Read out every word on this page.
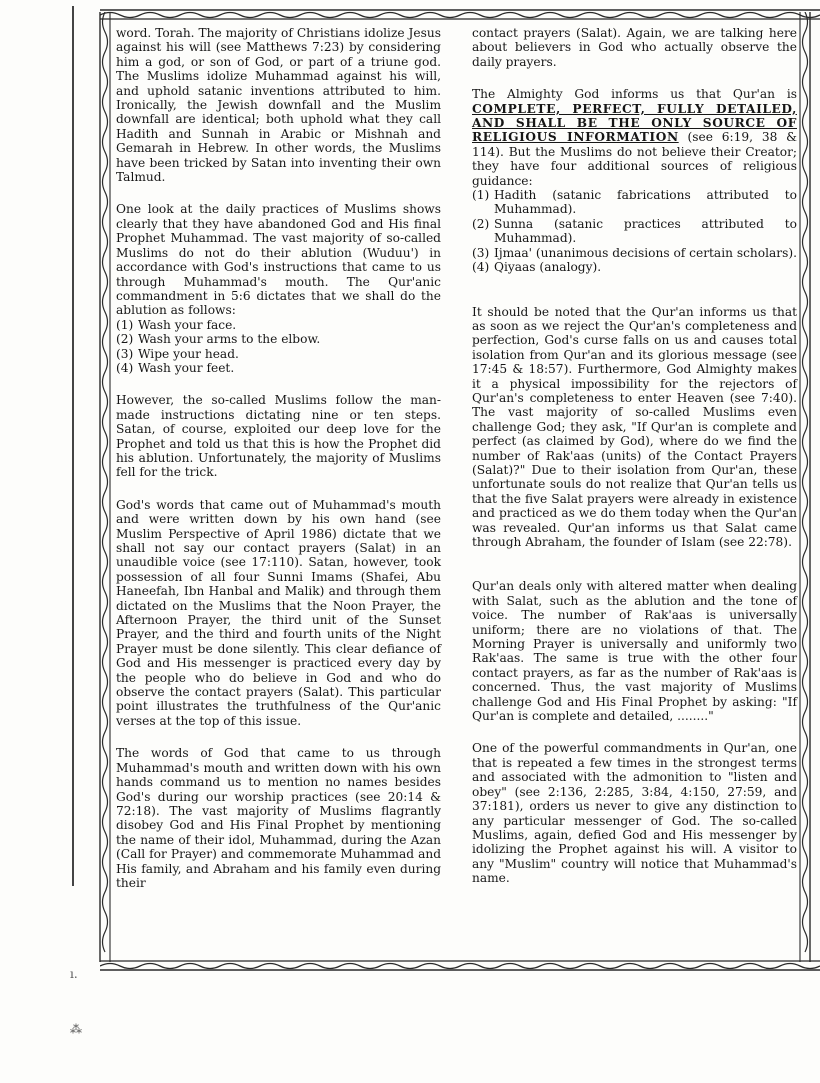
word. Torah. The majority of Christians idolize Jesus against his will (see Matthews 7:23) by considering him a god, or son of God, or part of a triune god. The Muslims idolize Muhammad against his will, and uphold satanic inventions attributed to him. Ironically, the Jewish downfall and the Muslim downfall are identical; both uphold what they call Hadith and Sunnah in Arabic or Mishnah and Gemarah in Hebrew. In other words, the Muslims have been tricked by Satan into inventing their own Talmud.

One look at the daily practices of Muslims shows clearly that they have abandoned God and His final Prophet Muhammad. The vast majority of so-called Muslims do not do their ablution (Wuduu') in accordance with God's instructions that came to us through Muhammad's mouth. The Qur'anic commandment in 5:6 dictates that we shall do the ablution as follows:

(1) Wash your face.
(2) Wash your arms to the elbow.
(3) Wipe your head.
(4) Wash your feet.

However, the so-called Muslims follow the man-made instructions dictating nine or ten steps. Satan, of course, exploited our deep love for the Prophet and told us that this is how the Prophet did his ablution. Unfortunately, the majority of Muslims fell for the trick.

God's words that came out of Muhammad's mouth and were written down by his own hand (see Muslim Perspective of April 1986) dictate that we shall not say our contact prayers (Salat) in an unaudible voice (see 17:110). Satan, however, took possession of all four Sunni Imams (Shafei, Abu Haneefah, Ibn Hanbal and Malik) and through them dictated on the Muslims that the Noon Prayer, the Afternoon Prayer, the third unit of the Sunset Prayer, and the third and fourth units of the Night Prayer must be done silently. This clear defiance of God and His messenger is practiced every day by the people who do believe in God and who do observe the contact prayers (Salat). This particular point illustrates the truthfulness of the Qur'anic verses at the top of this issue.

The words of God that came to us through Muhammad's mouth and written down with his own hands command us to mention no names besides God's during our worship practices (see 20:14 & 72:18). The vast majority of Muslims flagrantly disobey God and His Final Prophet by mentioning the name of their idol, Muhammad, during the Azan (Call for Prayer) and commemorate Muhammad and His family, and Abraham and his family even during their

contact prayers (Salat). Again, we are talking here about believers in God who actually observe the daily prayers.

The Almighty God informs us that Qur'an is COMPLETE, PERFECT, FULLY DETAILED, AND SHALL BE THE ONLY SOURCE OF RELIGIOUS INFORMATION (see 6:19, 38 & 114). But the Muslims do not believe their Creator; they have four additional sources of religious guidance:

(1) Hadith (satanic fabrications attributed to Muhammad).
(2) Sunna (satanic practices attributed to Muhammad).
(3) Ijmaa' (unanimous decisions of certain scholars).
(4) Qiyaas (analogy).

It should be noted that the Qur'an informs us that as soon as we reject the Qur'an's completeness and perfection, God's curse falls on us and causes total isolation from Qur'an and its glorious message (see 17:45 & 18:57). Furthermore, God Almighty makes it a physical impossibility for the rejectors of Qur'an's completeness to enter Heaven (see 7:40). The vast majority of so-called Muslims even challenge God; they ask, "If Qur'an is complete and perfect (as claimed by God), where do we find the number of Rak'aas (units) of the Contact Prayers (Salat)?" Due to their isolation from Qur'an, these unfortunate souls do not realize that Qur'an tells us that the five Salat prayers were already in existence and practiced as we do them today when the Qur'an was revealed. Qur'an informs us that Salat came through Abraham, the founder of Islam (see 22:78).

Qur'an deals only with altered matter when dealing with Salat, such as the ablution and the tone of voice. The number of Rak'aas is universally uniform; there are no violations of that. The Morning Prayer is universally and uniformly two Rak'aas. The same is true with the other four contact prayers, as far as the number of Rak'aas is concerned. Thus, the vast majority of Muslims challenge God and His Final Prophet by asking: "If Qur'an is complete and detailed, ........"

One of the powerful commandments in Qur'an, one that is repeated a few times in the strongest terms and associated with the admonition to "listen and obey" (see 2:136, 2:285, 3:84, 4:150, 27:59, and 37:181), orders us never to give any distinction to any particular messenger of God. The so-called Muslims, again, defied God and His messenger by idolizing the Prophet against his will. A visitor to any "Muslim" country will notice that Muhammad's name.

ı.
⁂
